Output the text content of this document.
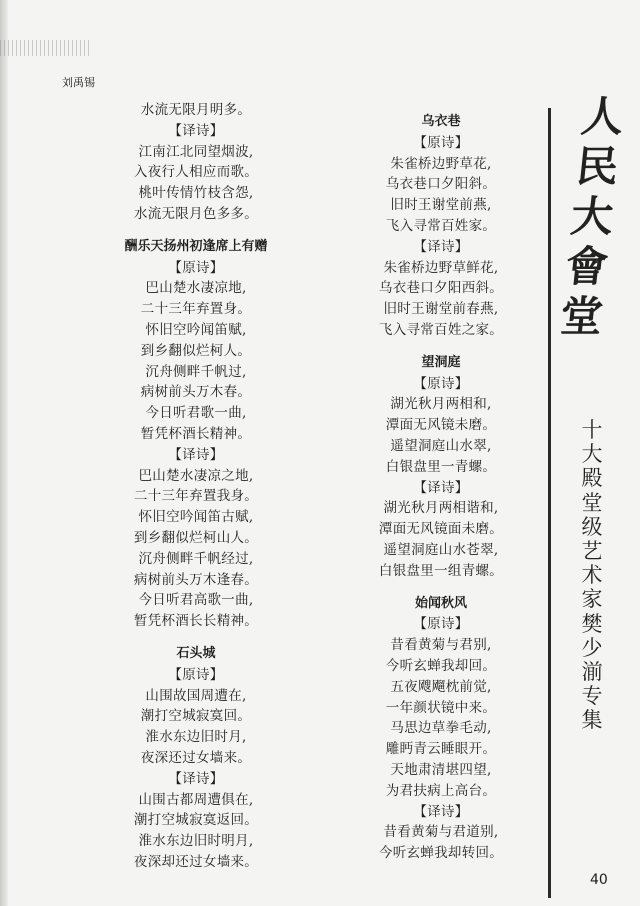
刘禹锡

水流无限月明多。

【译诗】

江南江北同望烟波,

入夜行人相应而歌。

桃叶传情竹枝含怨,

水流无限月色多多。

酬乐天扬州初逢席上有赠

【原诗】

巴山楚水凄凉地,

二十三年弃置身。

怀旧空吟闻笛赋,

到乡翻似烂柯人。

沉舟侧畔千帆过,

病树前头万木春。

今日听君歌一曲,

暂凭杯酒长精神。

【译诗】

巴山楚水凄凉之地,

二十三年弃置我身。

怀旧空吟闻笛古赋,

到乡翻似烂柯山人。

沉舟侧畔千帆经过,

病树前头万木逢春。

今日听君高歌一曲,

暂凭杯酒长长精神。

石头城

【原诗】

山围故国周遭在,

潮打空城寂寞回。

淮水东边旧时月,

夜深还过女墙来。

【译诗】

山围古都周遭俱在,

潮打空城寂寞返回。

淮水东边旧时明月,

夜深却还过女墙来。

乌衣巷

【原诗】

朱雀桥边野草花,

乌衣巷口夕阳斜。

旧时王谢堂前燕,

飞入寻常百姓家。

【译诗】

朱雀桥边野草鲜花,

乌衣巷口夕阳西斜。

旧时王谢堂前春燕,

飞入寻常百姓之家。

望洞庭

【原诗】

湖光秋月两相和,

潭面无风镜未磨。

遥望洞庭山水翠,

白银盘里一青螺。

【译诗】

湖光秋月两相谐和,

潭面无风镜面未磨。

遥望洞庭山水苍翠,

白银盘里一组青螺。

始闻秋风

【原诗】

昔看黄菊与君别,

今听玄蝉我却回。

五夜飕飗枕前觉,

一年颜状镜中来。

马思边草拳毛动,

雕眄青云睡眼开。

天地肃清堪四望,

为君扶病上高台。

【译诗】

昔看黄菊与君道别,

今听玄蝉我却转回。

人
民
大
會
堂
十
大
殿
堂
级
艺
术
家
樊
少
湔
专
集
40
